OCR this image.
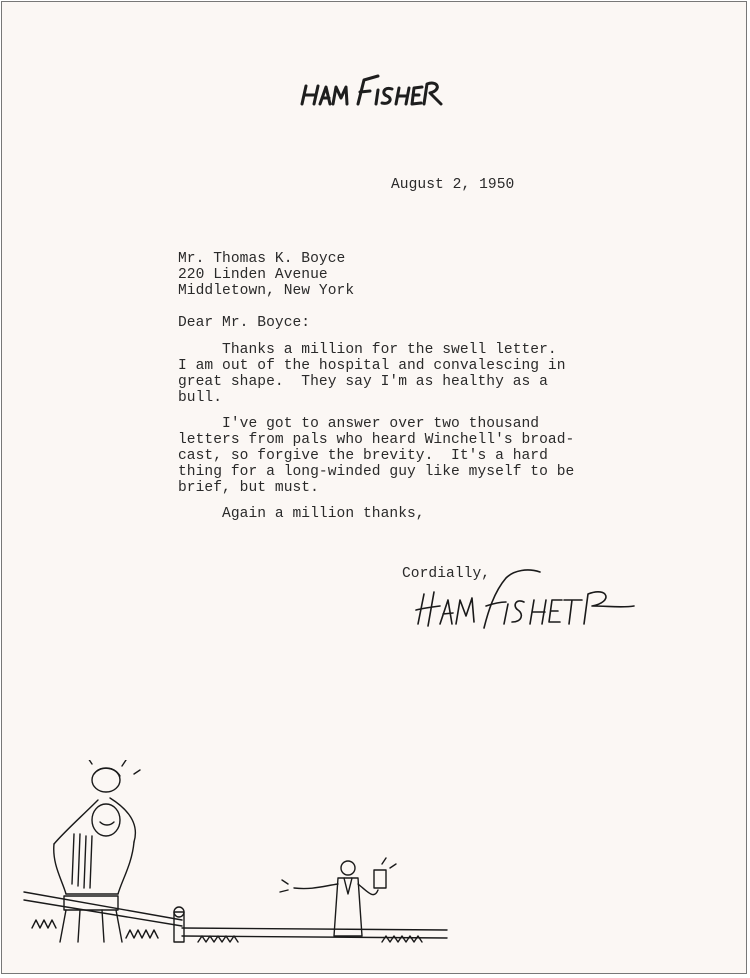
August 2, 1950
Mr. Thomas K. Boyce
220 Linden Avenue
Middletown, New York
Dear Mr. Boyce:
Thanks a million for the swell letter.
I am out of the hospital and convalescing in
great shape.  They say I'm as healthy as a
bull.
I've got to answer over two thousand
letters from pals who heard Winchell's broad-
cast, so forgive the brevity.  It's a hard
thing for a long-winded guy like myself to be
brief, but must.
Again a million thanks,
Cordially,
